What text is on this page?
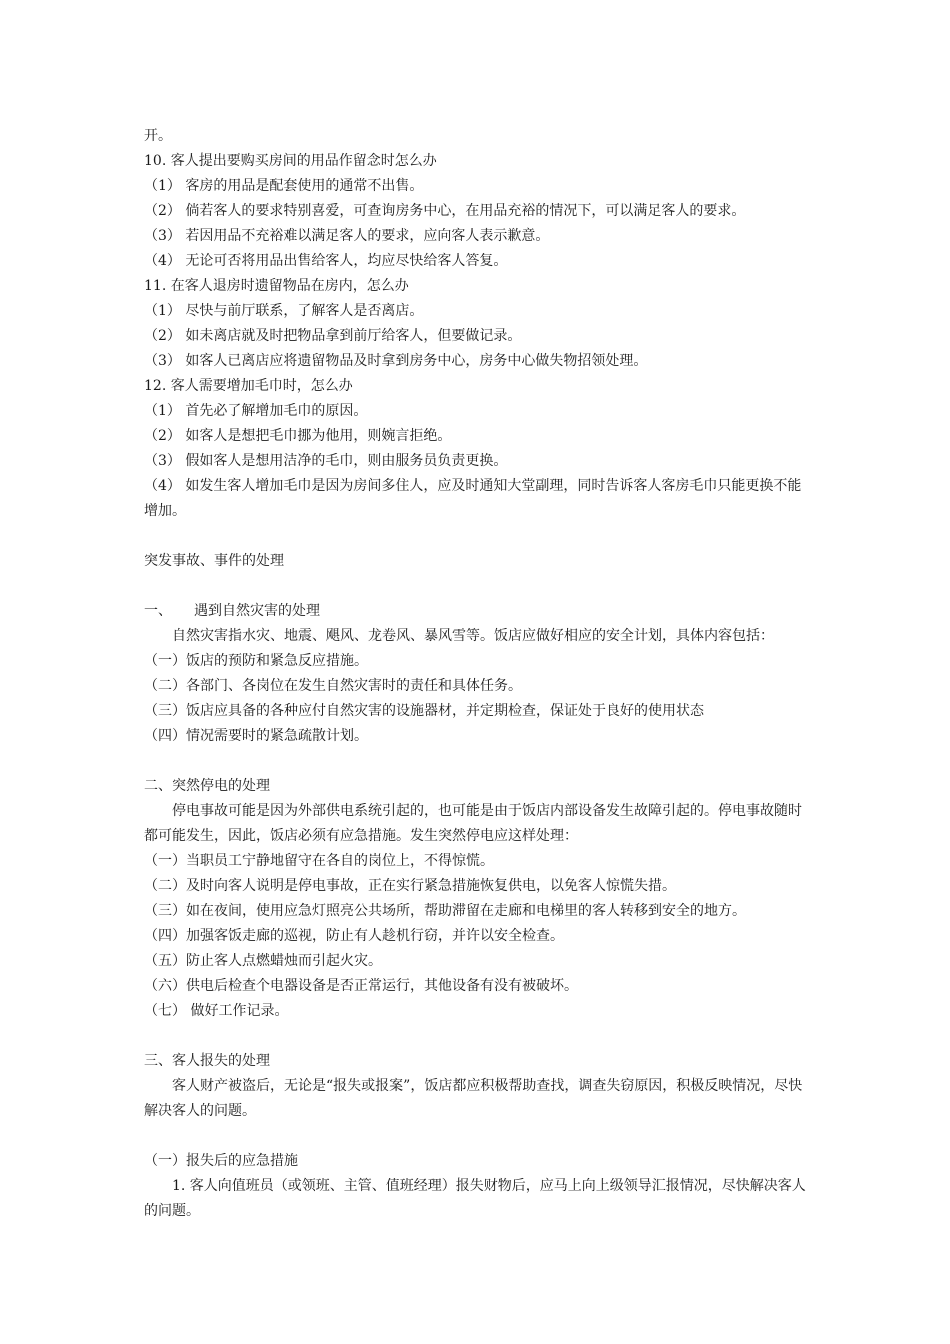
开。
10. 客人提出要购买房间的用品作留念时怎么办
（1） 客房的用品是配套使用的通常不出售。
（2） 倘若客人的要求特别喜爱，可查询房务中心，在用品充裕的情况下，可以满足客人的要求。
（3） 若因用品不充裕难以满足客人的要求，应向客人表示歉意。
（4） 无论可否将用品出售给客人，均应尽快给客人答复。
11. 在客人退房时遗留物品在房内，怎么办
（1） 尽快与前厅联系，了解客人是否离店。
（2） 如未离店就及时把物品拿到前厅给客人，但要做记录。
（3） 如客人已离店应将遗留物品及时拿到房务中心，房务中心做失物招领处理。
12. 客人需要增加毛巾时，怎么办
（1） 首先必了解增加毛巾的原因。
（2） 如客人是想把毛巾挪为他用，则婉言拒绝。
（3） 假如客人是想用洁净的毛巾，则由服务员负责更换。
（4） 如发生客人增加毛巾是因为房间多住人，应及时通知大堂副理，同时告诉客人客房毛巾只能更换不能增加。
突发事故、事件的处理
一、 遇到自然灾害的处理
自然灾害指水灾、地震、飓风、龙卷风、暴风雪等。饭店应做好相应的安全计划，具体内容包括：
（一）饭店的预防和紧急反应措施。
（二）各部门、各岗位在发生自然灾害时的责任和具体任务。
（三）饭店应具备的各种应付自然灾害的设施器材，并定期检查，保证处于良好的使用状态
（四）情况需要时的紧急疏散计划。
二、突然停电的处理
停电事故可能是因为外部供电系统引起的，也可能是由于饭店内部设备发生故障引起的。停电事故随时都可能发生，因此，饭店必须有应急措施。发生突然停电应这样处理：
（一）当职员工宁静地留守在各自的岗位上，不得惊慌。
（二）及时向客人说明是停电事故，正在实行紧急措施恢复供电，以免客人惊慌失措。
（三）如在夜间，使用应急灯照亮公共场所，帮助滞留在走廊和电梯里的客人转移到安全的地方。
（四）加强客饭走廊的巡视，防止有人趁机行窃，并许以安全检查。
（五）防止客人点燃蜡烛而引起火灾。
（六）供电后检查个电器设备是否正常运行，其他设备有没有被破坏。
（七） 做好工作记录。
三、客人报失的处理
客人财产被盗后，无论是“报失或报案”，饭店都应积极帮助查找，调查失窃原因，积极反映情况，尽快解决客人的问题。
（一）报失后的应急措施
1. 客人向值班员（或领班、主管、值班经理）报失财物后，应马上向上级领导汇报情况，尽快解决客人的问题。
